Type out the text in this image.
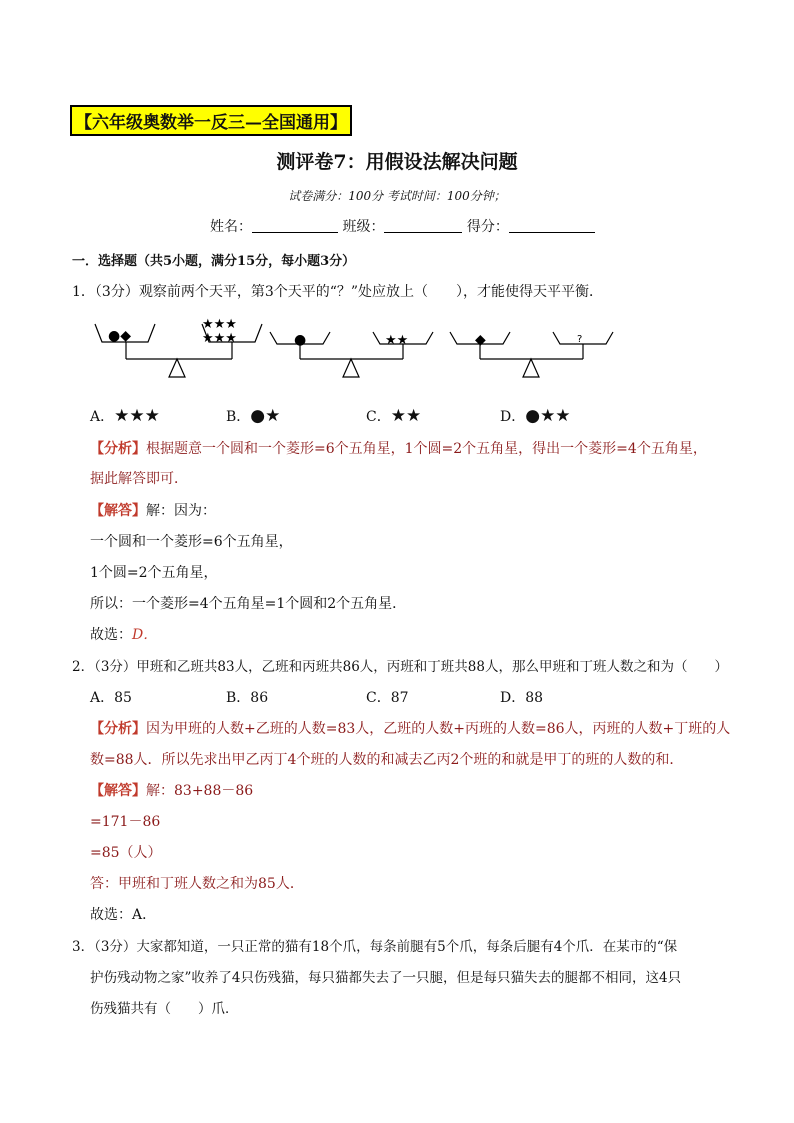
【六年级奥数举一反三—全国通用】
测评卷7：用假设法解决问题
试卷满分：100分 考试时间：100分钟；
姓名：	班级：	得分：
一．选择题（共5小题，满分15分，每小题3分）
1．（3分）观察前两个天平，第3个天平的“？”处应放上（　　），才能使得天平平衡．
●◆
★★★
★★★	●	★★	◆	?
A．★★★	B．●★	C．★★	D．●★★
【分析】根据题意一个圆和一个菱形=6个五角星，1个圆=2个五角星，得出一个菱形=4个五角星，
据此解答即可．
【解答】解：因为：
一个圆和一个菱形=6个五角星，
1个圆=2个五角星，
所以：一个菱形=4个五角星=1个圆和2个五角星．
故选：D．
2．（3分）甲班和乙班共83人，乙班和丙班共86人，丙班和丁班共88人，那么甲班和丁班人数之和为（　　）
A．85	B．86	C．87	D．88
【分析】因为甲班的人数+乙班的人数=83人，乙班的人数+丙班的人数=86人，丙班的人数+丁班的人
数=88人．所以先求出甲乙丙丁4个班的人数的和减去乙丙2个班的和就是甲丁的班的人数的和．
【解答】解：83+88－86
=171－86
=85（人）
答：甲班和丁班人数之和为85人．
故选：A．
3．（3分）大家都知道，一只正常的猫有18个爪，每条前腿有5个爪，每条后腿有4个爪．在某市的“保
护伤残动物之家”收养了4只伤残猫，每只猫都失去了一只腿，但是每只猫失去的腿都不相同，这4只
伤残猫共有（　　）爪．
